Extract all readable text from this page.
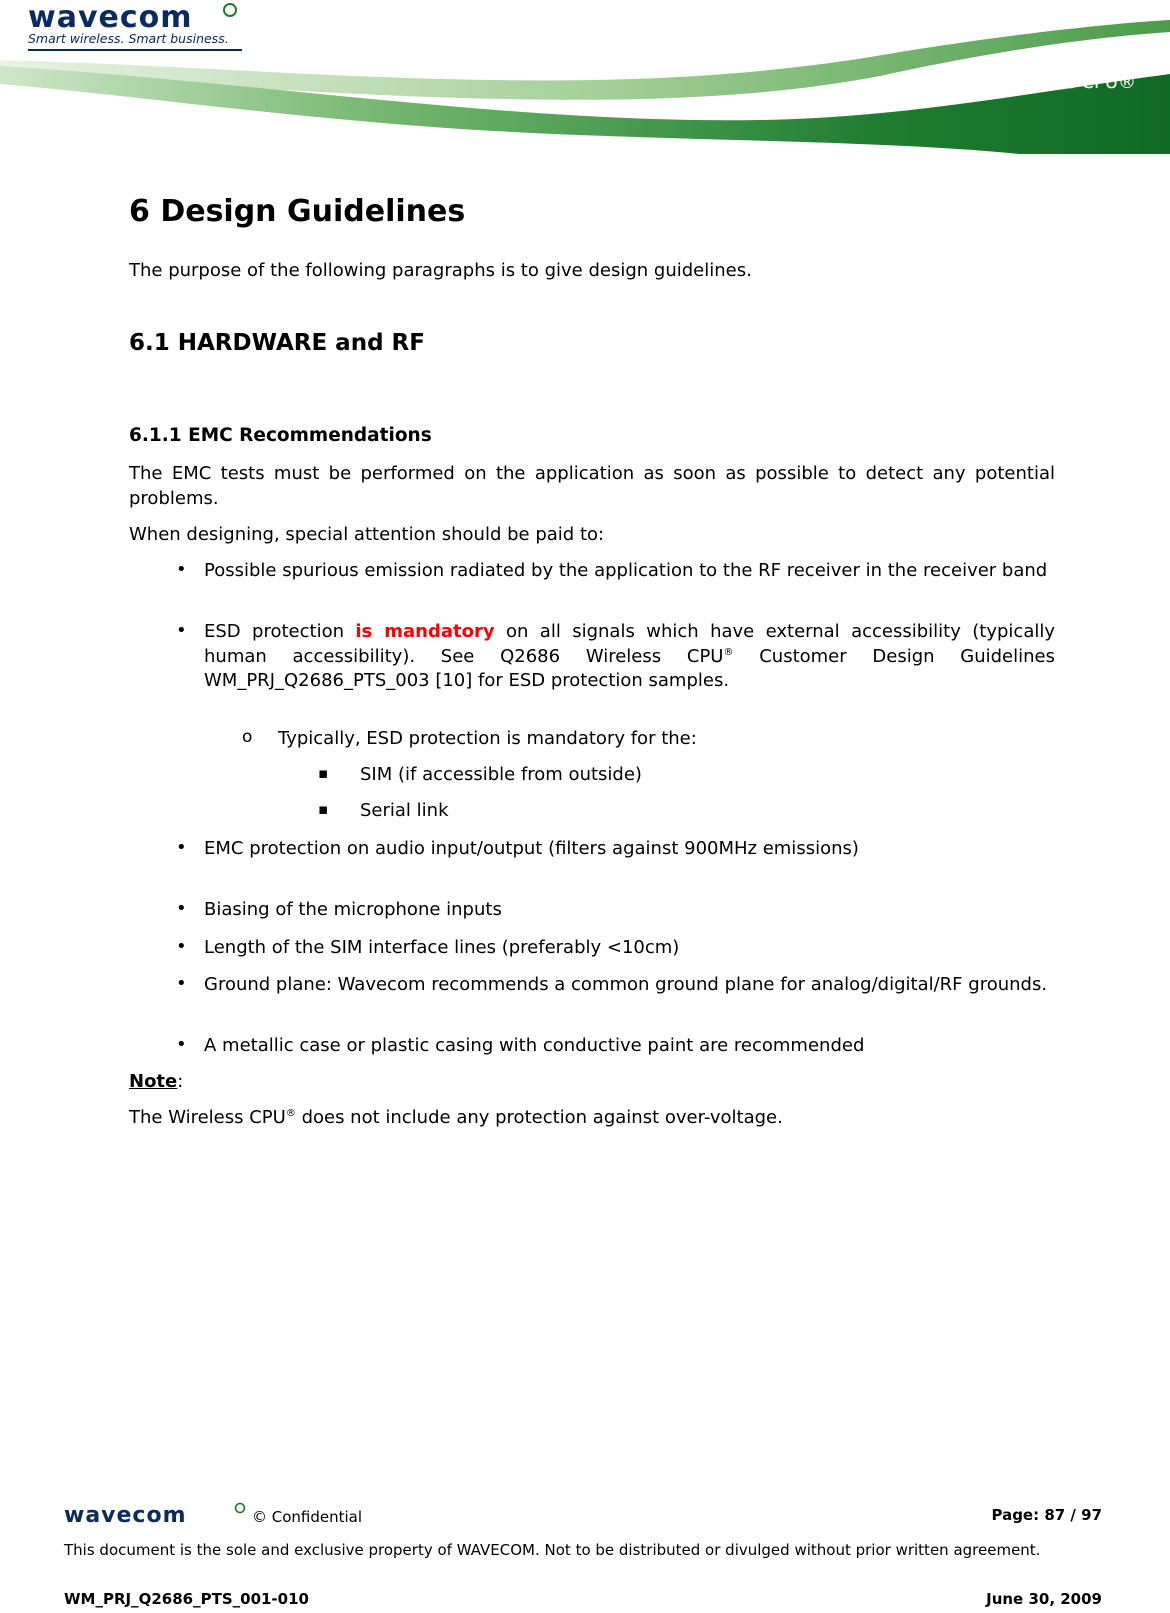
wavecom
Smart wireless. Smart business.
Q2686 Wireless CPU®
6 Design Guidelines
The purpose of the following paragraphs is to give design guidelines.
6.1 HARDWARE and RF
6.1.1 EMC Recommendations
The EMC tests must be performed on the application as soon as possible to detect any potential problems.
When designing, special attention should be paid to:
• Possible spurious emission radiated by the application to the RF receiver in the receiver band
• ESD protection is mandatory on all signals which have external accessibility (typically human accessibility). See Q2686 Wireless CPU® Customer Design Guidelines WM_PRJ_Q2686_PTS_003 [10] for ESD protection samples.
o Typically, ESD protection is mandatory for the:
▪ SIM (if accessible from outside)
▪ Serial link
• EMC protection on audio input/output (filters against 900MHz emissions)
• Biasing of the microphone inputs
• Length of the SIM interface lines (preferably <10cm)
• Ground plane: Wavecom recommends a common ground plane for analog/digital/RF grounds.
• A metallic case or plastic casing with conductive paint are recommended
Note:
The Wireless CPU® does not include any protection against over-voltage.
wavecom	© Confidential	Page: 87 / 97
This document is the sole and exclusive property of WAVECOM. Not to be distributed or divulged without prior written agreement.
WM_PRJ_Q2686_PTS_001-010	June 30, 2009
